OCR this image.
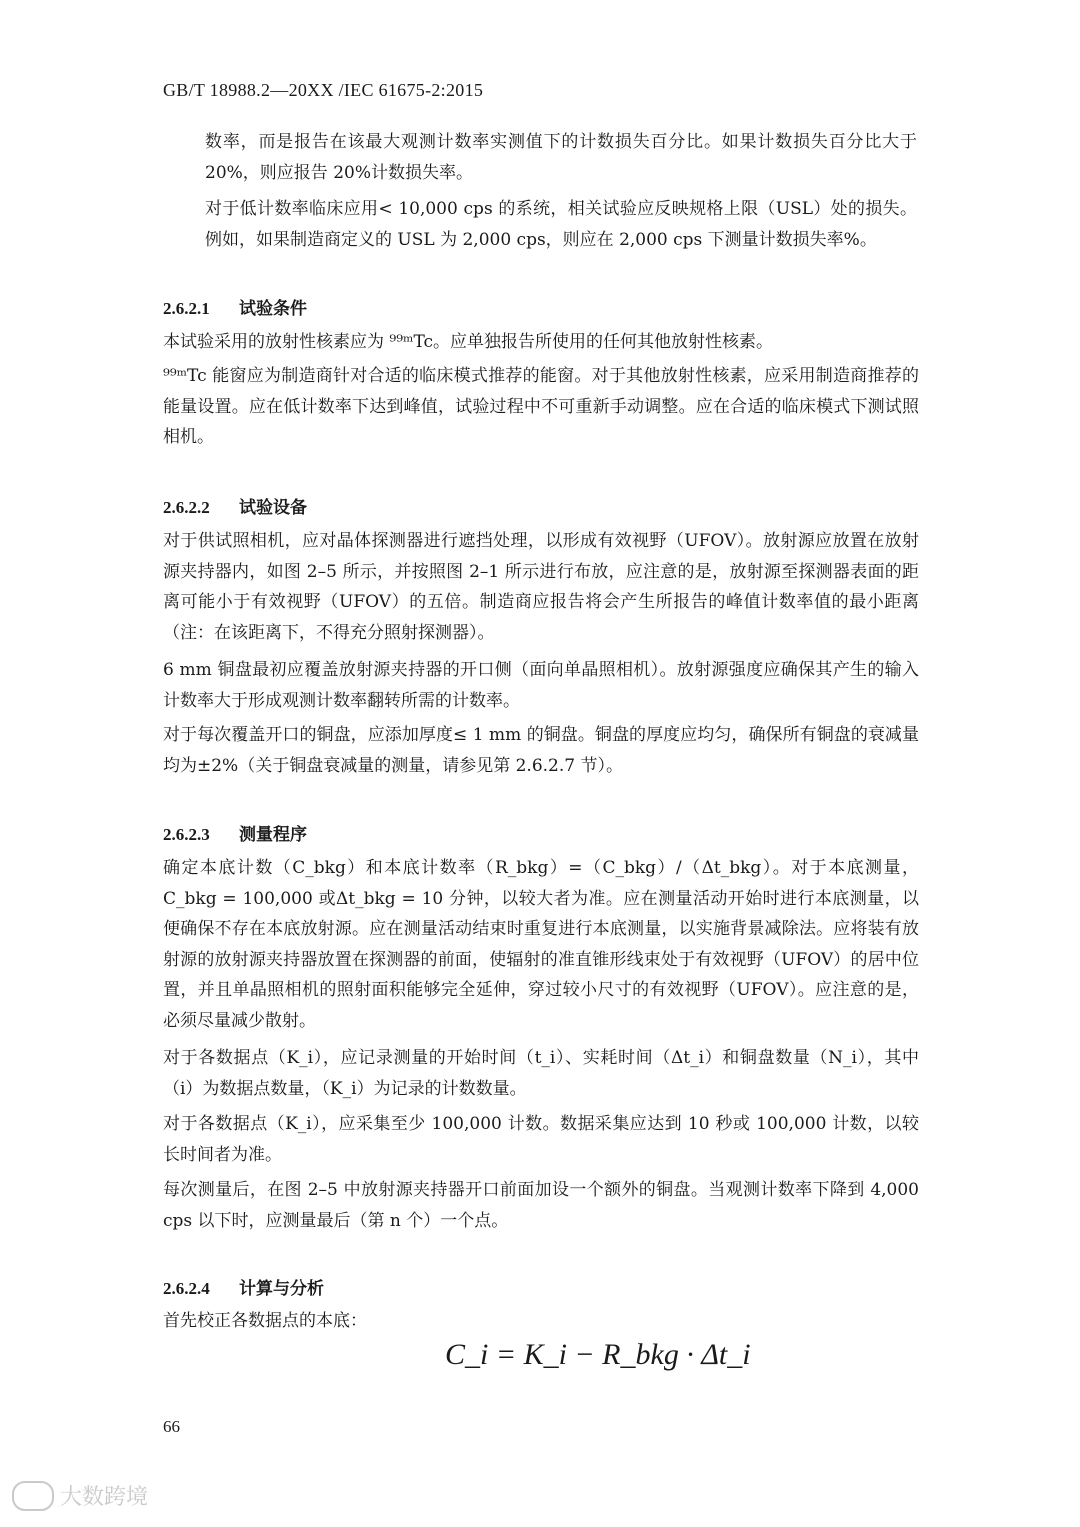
GB/T 18988.2—20XX /IEC 61675-2:2015

数率，而是报告在该最大观测计数率实测值下的计数损失百分比。如果计数损失百分比大于 20%，则应报告 20%计数损失率。

对于低计数率临床应用< 10,000 cps 的系统，相关试验应反映规格上限（USL）处的损失。例如，如果制造商定义的 USL 为 2,000 cps，则应在 2,000 cps 下测量计数损失率%。

2.6.2.1 试验条件

本试验采用的放射性核素应为 ⁹⁹ᵐTc。应单独报告所使用的任何其他放射性核素。

⁹⁹ᵐTc 能窗应为制造商针对合适的临床模式推荐的能窗。对于其他放射性核素，应采用制造商推荐的能量设置。应在低计数率下达到峰值，试验过程中不可重新手动调整。应在合适的临床模式下测试照相机。

2.6.2.2 试验设备

对于供试照相机，应对晶体探测器进行遮挡处理，以形成有效视野（UFOV）。放射源应放置在放射源夹持器内，如图 2–5 所示，并按照图 2–1 所示进行布放，应注意的是，放射源至探测器表面的距离可能小于有效视野（UFOV）的五倍。制造商应报告将会产生所报告的峰值计数率值的最小距离（注：在该距离下，不得充分照射探测器）。

6 mm 铜盘最初应覆盖放射源夹持器的开口侧（面向单晶照相机）。放射源强度应确保其产生的输入计数率大于形成观测计数率翻转所需的计数率。

对于每次覆盖开口的铜盘，应添加厚度≤ 1 mm 的铜盘。铜盘的厚度应均匀，确保所有铜盘的衰减量均为±2%（关于铜盘衰减量的测量，请参见第 2.6.2.7 节）。

2.6.2.3 测量程序

确定本底计数（C_bkg）和本底计数率（R_bkg）=（C_bkg）/（Δt_bkg）。对于本底测量，C_bkg = 100,000 或Δt_bkg = 10 分钟，以较大者为准。应在测量活动开始时进行本底测量，以便确保不存在本底放射源。应在测量活动结束时重复进行本底测量，以实施背景减除法。应将装有放射源的放射源夹持器放置在探测器的前面，使辐射的准直锥形线束处于有效视野（UFOV）的居中位置，并且单晶照相机的照射面积能够完全延伸，穿过较小尺寸的有效视野（UFOV）。应注意的是，必须尽量减少散射。

对于各数据点（K_i），应记录测量的开始时间（t_i）、实耗时间（Δt_i）和铜盘数量（N_i），其中（i）为数据点数量，（K_i）为记录的计数数量。

对于各数据点（K_i），应采集至少 100,000 计数。数据采集应达到 10 秒或 100,000 计数，以较长时间者为准。

每次测量后，在图 2–5 中放射源夹持器开口前面加设一个额外的铜盘。当观测计数率下降到 4,000 cps 以下时，应测量最后（第 n 个）一个点。

2.6.2.4 计算与分析

首先校正各数据点的本底：

C_i = K_i − R_bkg · Δt_i
66
大数跨境
